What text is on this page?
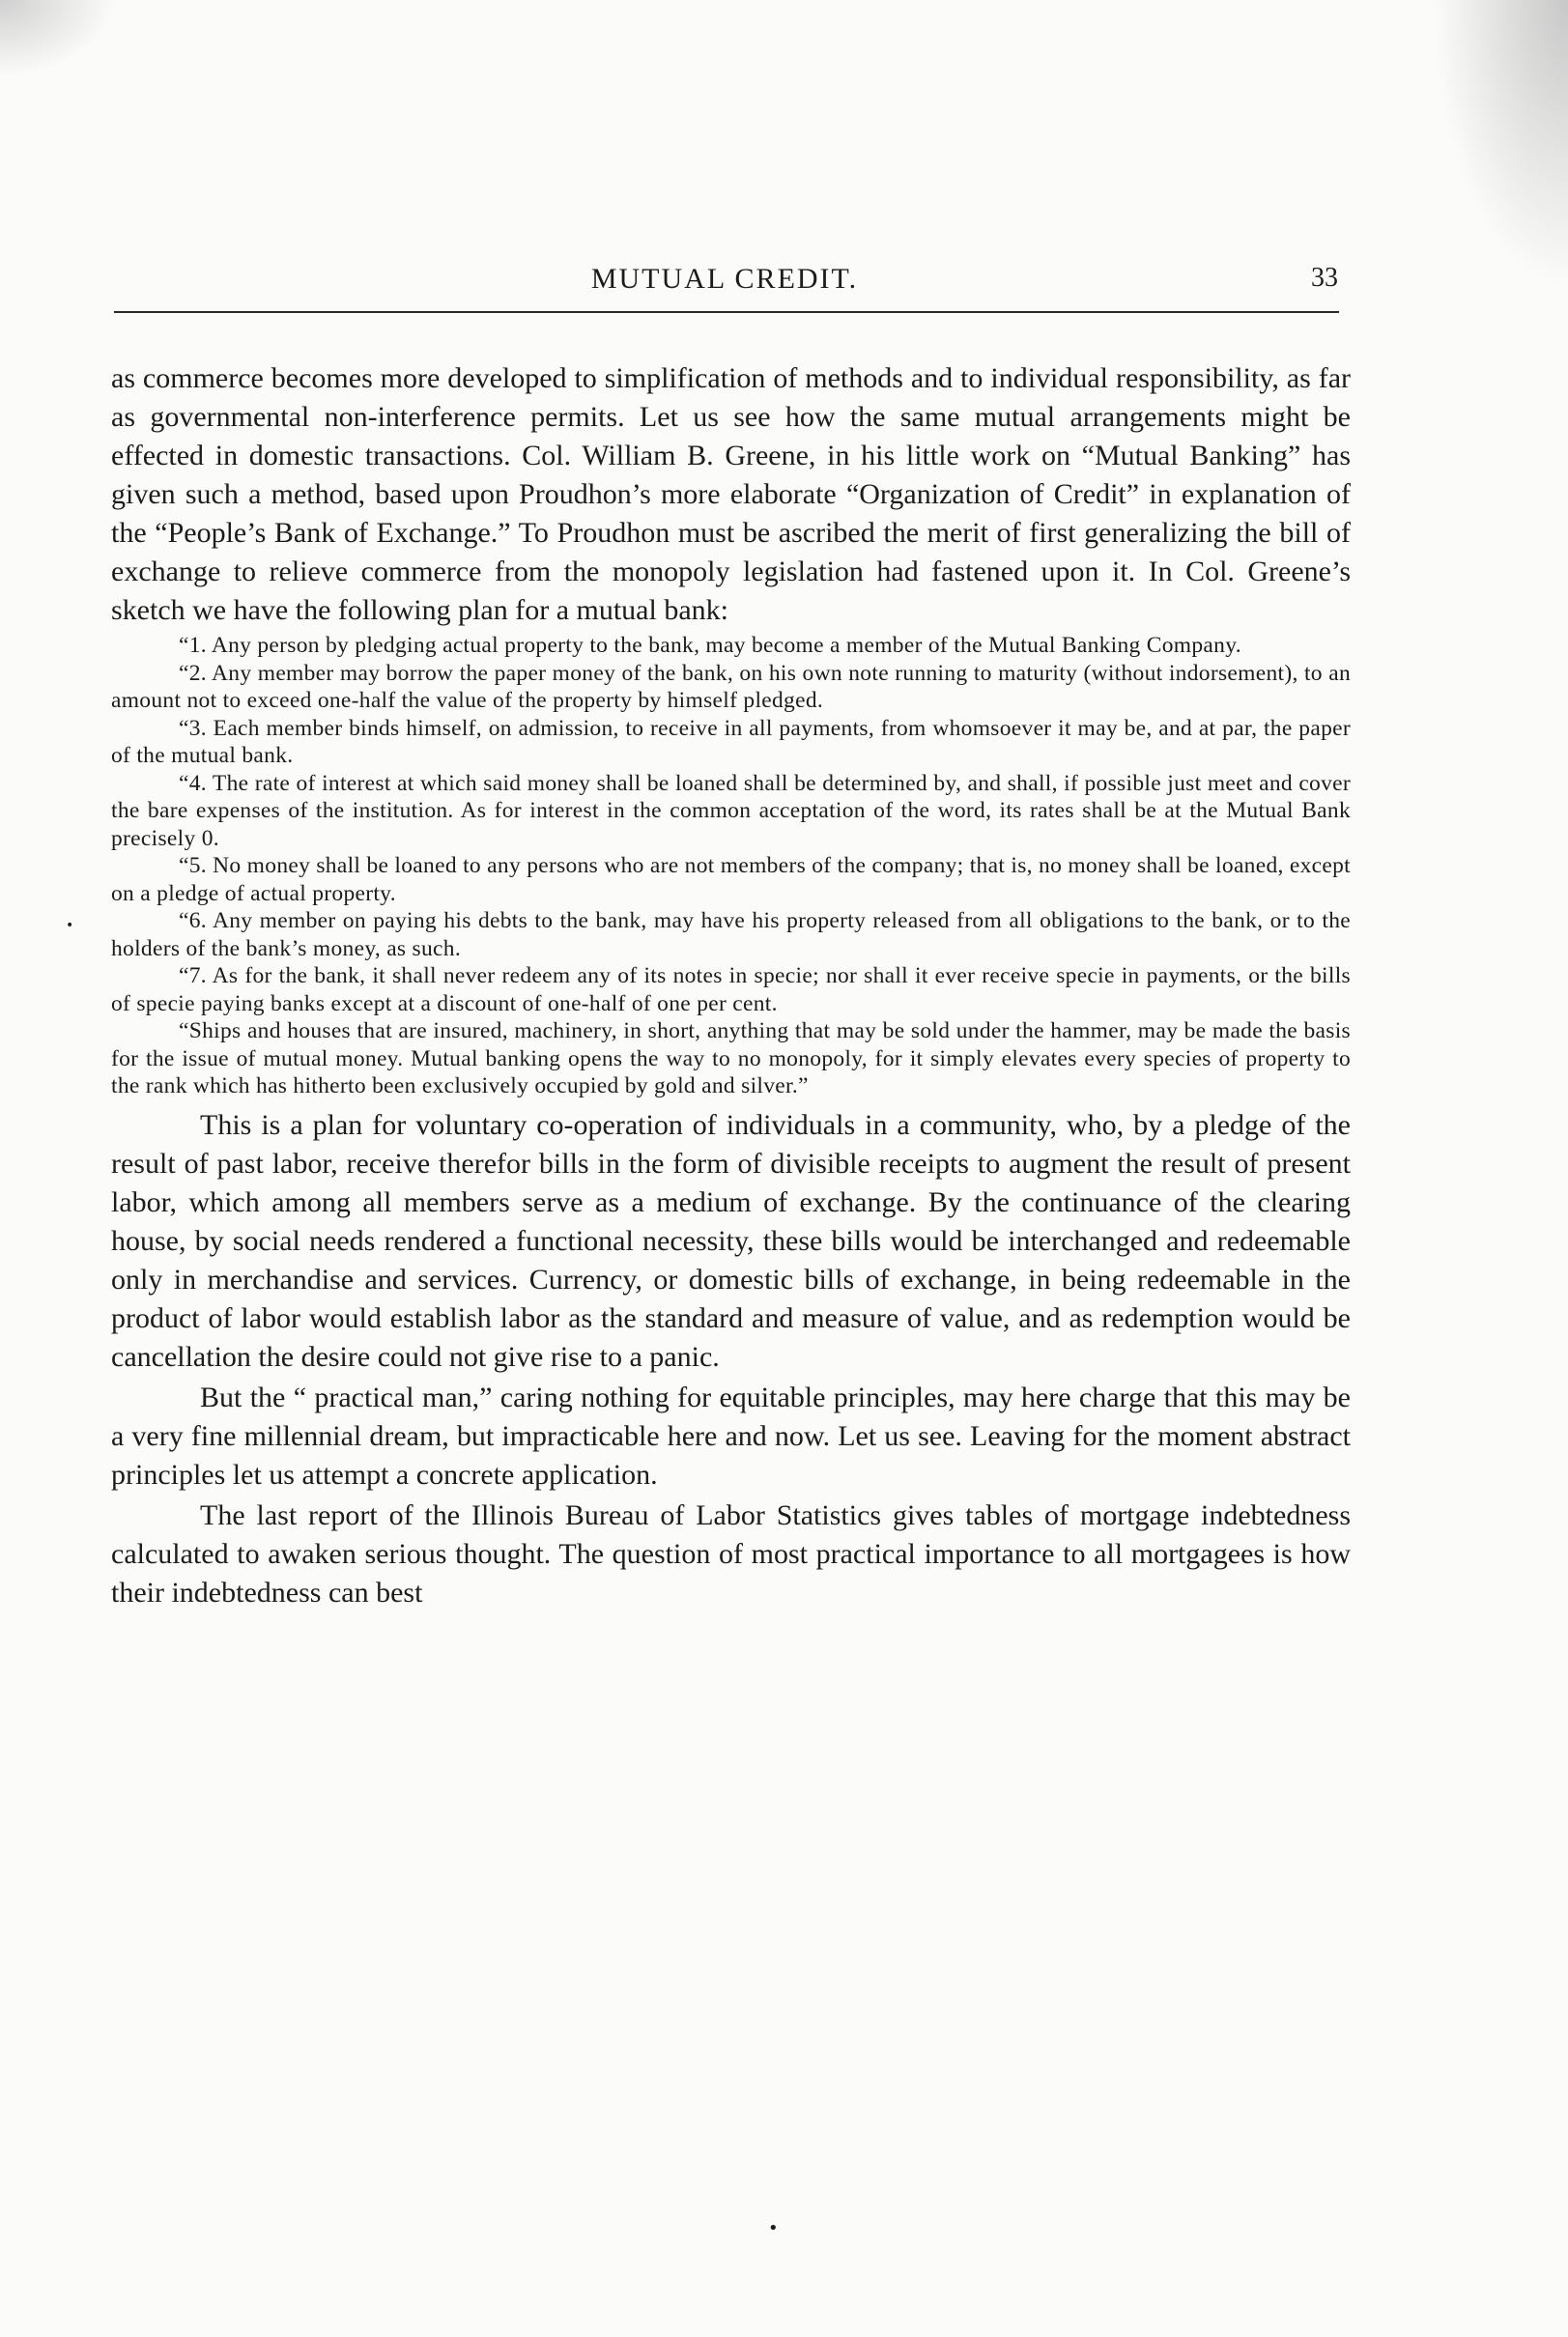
MUTUAL CREDIT.	33

as commerce becomes more developed to simplification of methods and to individual responsibility, as far as governmental non-interference permits. Let us see how the same mutual arrangements might be effected in domestic transactions. Col. William B. Greene, in his little work on “Mutual Banking” has given such a method, based upon Proudhon’s more elaborate “Organization of Credit” in explanation of the “People’s Bank of Exchange.” To Proudhon must be ascribed the merit of first generalizing the bill of exchange to relieve commerce from the monopoly legislation had fastened upon it. In Col. Greene’s sketch we have the following plan for a mutual bank:

“1. Any person by pledging actual property to the bank, may become a member of the Mutual Banking Company.

“2. Any member may borrow the paper money of the bank, on his own note running to maturity (without indorsement), to an amount not to exceed one-half the value of the property by himself pledged.

“3. Each member binds himself, on admission, to receive in all payments, from whomsoever it may be, and at par, the paper of the mutual bank.

“4. The rate of interest at which said money shall be loaned shall be determined by, and shall, if possible just meet and cover the bare expenses of the institution. As for interest in the common acceptation of the word, its rates shall be at the Mutual Bank precisely 0.

“5. No money shall be loaned to any persons who are not members of the company; that is, no money shall be loaned, except on a pledge of actual property.

“6. Any member on paying his debts to the bank, may have his property released from all obligations to the bank, or to the holders of the bank’s money, as such.

“7. As for the bank, it shall never redeem any of its notes in specie; nor shall it ever receive specie in payments, or the bills of specie paying banks except at a discount of one-half of one per cent.

“Ships and houses that are insured, machinery, in short, anything that may be sold under the hammer, may be made the basis for the issue of mutual money. Mutual banking opens the way to no monopoly, for it simply elevates every species of property to the rank which has hitherto been exclusively occupied by gold and silver.”

This is a plan for voluntary co-operation of individuals in a community, who, by a pledge of the result of past labor, receive therefor bills in the form of divisible receipts to augment the result of present labor, which among all members serve as a medium of exchange. By the continuance of the clearing house, by social needs rendered a functional necessity, these bills would be interchanged and redeemable only in merchandise and services. Currency, or domestic bills of exchange, in being redeemable in the product of labor would establish labor as the standard and measure of value, and as redemption would be cancellation the desire could not give rise to a panic.

But the “ practical man,” caring nothing for equitable principles, may here charge that this may be a very fine millennial dream, but impracticable here and now. Let us see. Leaving for the moment abstract principles let us attempt a concrete application.

The last report of the Illinois Bureau of Labor Statistics gives tables of mortgage indebtedness calculated to awaken serious thought. The question of most practical importance to all mortgagees is how their indebtedness can best

•
•
